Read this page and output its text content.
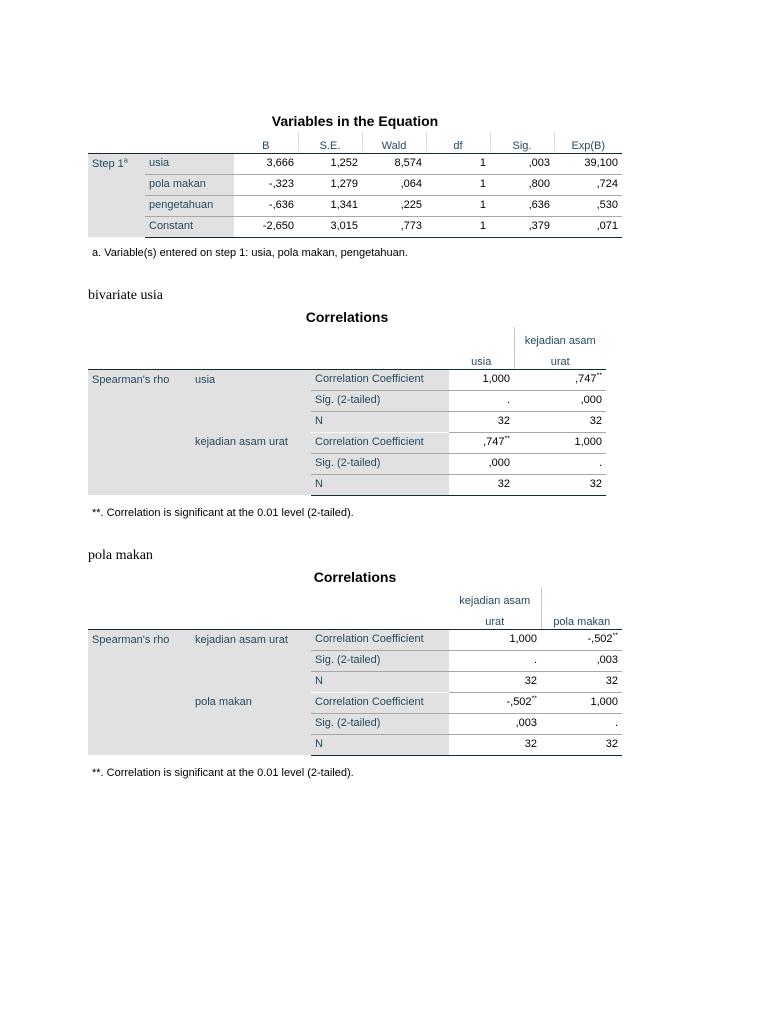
Variables in the Equation
		B	S.E.	Wald	df	Sig.	Exp(B)
Step 1$^a$	usia	3,666	1,252	8,574	1	,003	39,100
	pola makan	-,323	1,279	,064	1	,800	,724
	pengetahuan	-,636	1,341	,225	1	,636	,530
	Constant	-2,650	3,015	,773	1	,379	,071
a. Variable(s) entered on step 1: usia, pola makan, pengetahuan.
bivariate usia
Correlations
				kejadian asam
			usia	urat
Spearman's rho	usia	Correlation Coefficient	1,000	,747**
		Sig. (2-tailed)	.	,000
		N	32	32
	kejadian asam urat	Correlation Coefficient	,747**	1,000
		Sig. (2-tailed)	,000	.
		N	32	32
**. Correlation is significant at the 0.01 level (2-tailed).
pola makan
Correlations
			kejadian asam	
			urat	pola makan
Spearman's rho	kejadian asam urat	Correlation Coefficient	1,000	-,502**
		Sig. (2-tailed)	.	,003
		N	32	32
	pola makan	Correlation Coefficient	-,502**	1,000
		Sig. (2-tailed)	,003	.
		N	32	32
**. Correlation is significant at the 0.01 level (2-tailed).
